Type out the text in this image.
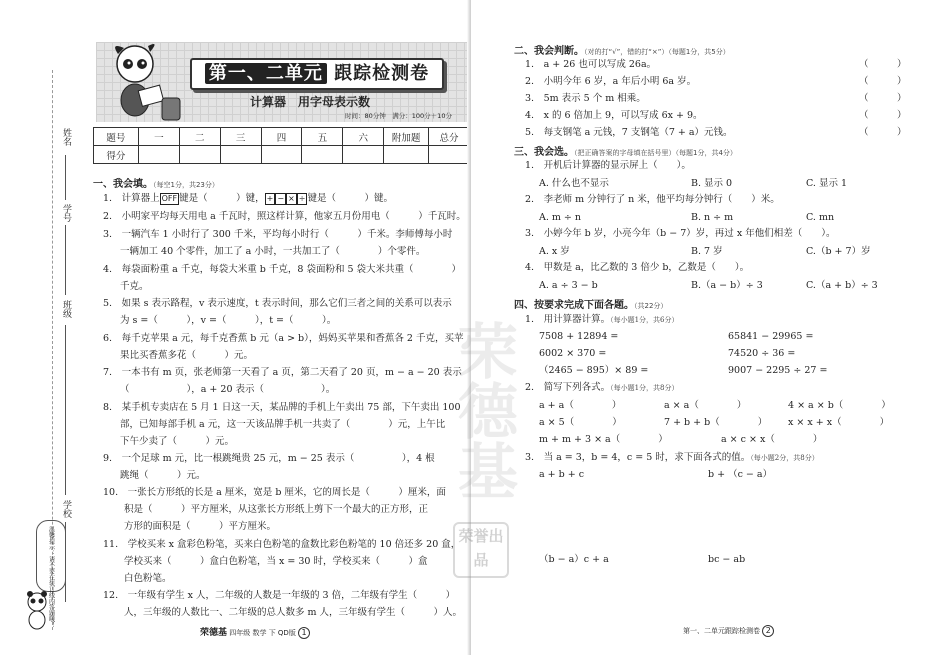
姓名
学号
班级
学校
温馨提示：请不要在装订线内答题哦！
第一、二单元 跟踪检测卷
计算器　用字母表示数
时间：80分钟　满分：100分＋10分
题号	一	二	三	四	五	六	附加题	总分
得分								
一、我会填。（每空1分，共23分）
1.　 计算器上 OFF 键是（　　　）键， + − × ÷ 键是（　　　）键。
2.　小明家平均每天用电 a 千瓦时，照这样计算，他家五月份用电（　　　）千瓦时。
3.　一辆汽车 1 小时行了 300 千米，平均每小时行（　　　）千米。李师傅每小时
一辆加工 40 个零件，加工了 a 小时，一共加工了（　　　　）个零件。
4.　每袋面粉重 a 千克，每袋大米重 b 千克，8 袋面粉和 5 袋大米共重（　　　　）
千克。
5.　如果 s 表示路程，v 表示速度，t 表示时间，那么它们三者之间的关系可以表示
为 s =（　　　），v =（　　　），t =（　　　）。
6.　每千克苹果 a 元，每千克香蕉 b 元（a > b），妈妈买苹果和香蕉各 2 千克，买苹
果比买香蕉多花（　　　）元。
7.　一本书有 m 页，张老师第一天看了 a 页，第二天看了 20 页，m − a − 20 表示
（　　　　　　），a + 20 表示（　　　　　　）。
8.　某手机专卖店在 5 月 1 日这一天，某品牌的手机上午卖出 75 部，下午卖出 100
部，已知每部手机 a 元，这一天该品牌手机一共卖了（　　　　）元，上午比
下午少卖了（　　　）元。
9.　一个足球 m 元，比一根跳绳贵 25 元，m − 25 表示（　　　　　），4 根
跳绳（　　　）元。
10.　一张长方形纸的长是 a 厘米，宽是 b 厘米，它的周长是（　　　）厘米，面
积是（　　　）平方厘米，从这张长方形纸上剪下一个最大的正方形，正
方形的面积是（　　　）平方厘米。
11.　学校买来 x 盒彩色粉笔，买来白色粉笔的盒数比彩色粉笔的 10 倍还多 20 盒，
学校买来（　　　）盒白色粉笔，当 x = 30 时，学校买来（　　　）盒
白色粉笔。
12.　一年级有学生 x 人，二年级的人数是一年级的 3 倍，二年级有学生（　　　）
人，三年级的人数比一、二年级的总人数多 m 人，三年级有学生（　　　）人。
荣德基 四年级 数学 下 QD版 1
荣德基
荣誉出品
二、我会判断。（对的打“√”，错的打“×”）（每题1分，共5分）
1.　a + 26 也可以写成 26a。	（　　　）
2.　小明今年 6 岁，a 年后小明 6a 岁。	（　　　）
3.　5m 表示 5 个 m 相乘。	（　　　）
4.　x 的 6 倍加上 9，可以写成 6x + 9。	（　　　）
5.　每支钢笔 a 元钱，7 支钢笔（7 + a）元钱。	（　　　）
三、我会选。（把正确答案的字母填在括号里）（每题1分，共4分）
1.　开机后计算器的显示屏上（　　）。
A. 什么也不显示	B. 显示 0	C. 显示 1
2.　李老师 m 分钟行了 n 米，他平均每分钟行（　　）米。
A. m ÷ n	B. n ÷ m	C. mn
3.　小婷今年 b 岁，小亮今年（b − 7）岁，再过 x 年他们相差（　　）。
A. x 岁	B. 7 岁	C.（b + 7）岁
4.　甲数是 a，比乙数的 3 倍少 b，乙数是（　　）。
A. a ÷ 3 − b	B.（a − b）÷ 3	C.（a + b）÷ 3
四、按要求完成下面各题。（共22分）
1.　用计算器计算。（每小题1分，共6分）
7508 + 12894 =	65841 − 29965 =
6002 × 370 =	74520 ÷ 36 =
（2465 − 895）× 89 =	9007 − 2295 ÷ 27 =
2.　简写下列各式。（每小题1分，共8分）
a + a（　　　　）	a × a（　　　　）	4 × a × b（　　　　）
a × 5（　　　　）	7 + b + b（　　　　） x × x + x（　　　　）
m + m + 3 × a（　　　　）	a × c × x（　　　　）
3.　当 a = 3，b = 4，c = 5 时，求下面各式的值。（每小题2分，共8分）
a + b + c	b + （c − a）
（b − a）c + a	bc − ab
第一、二单元跟踪检测卷 2
